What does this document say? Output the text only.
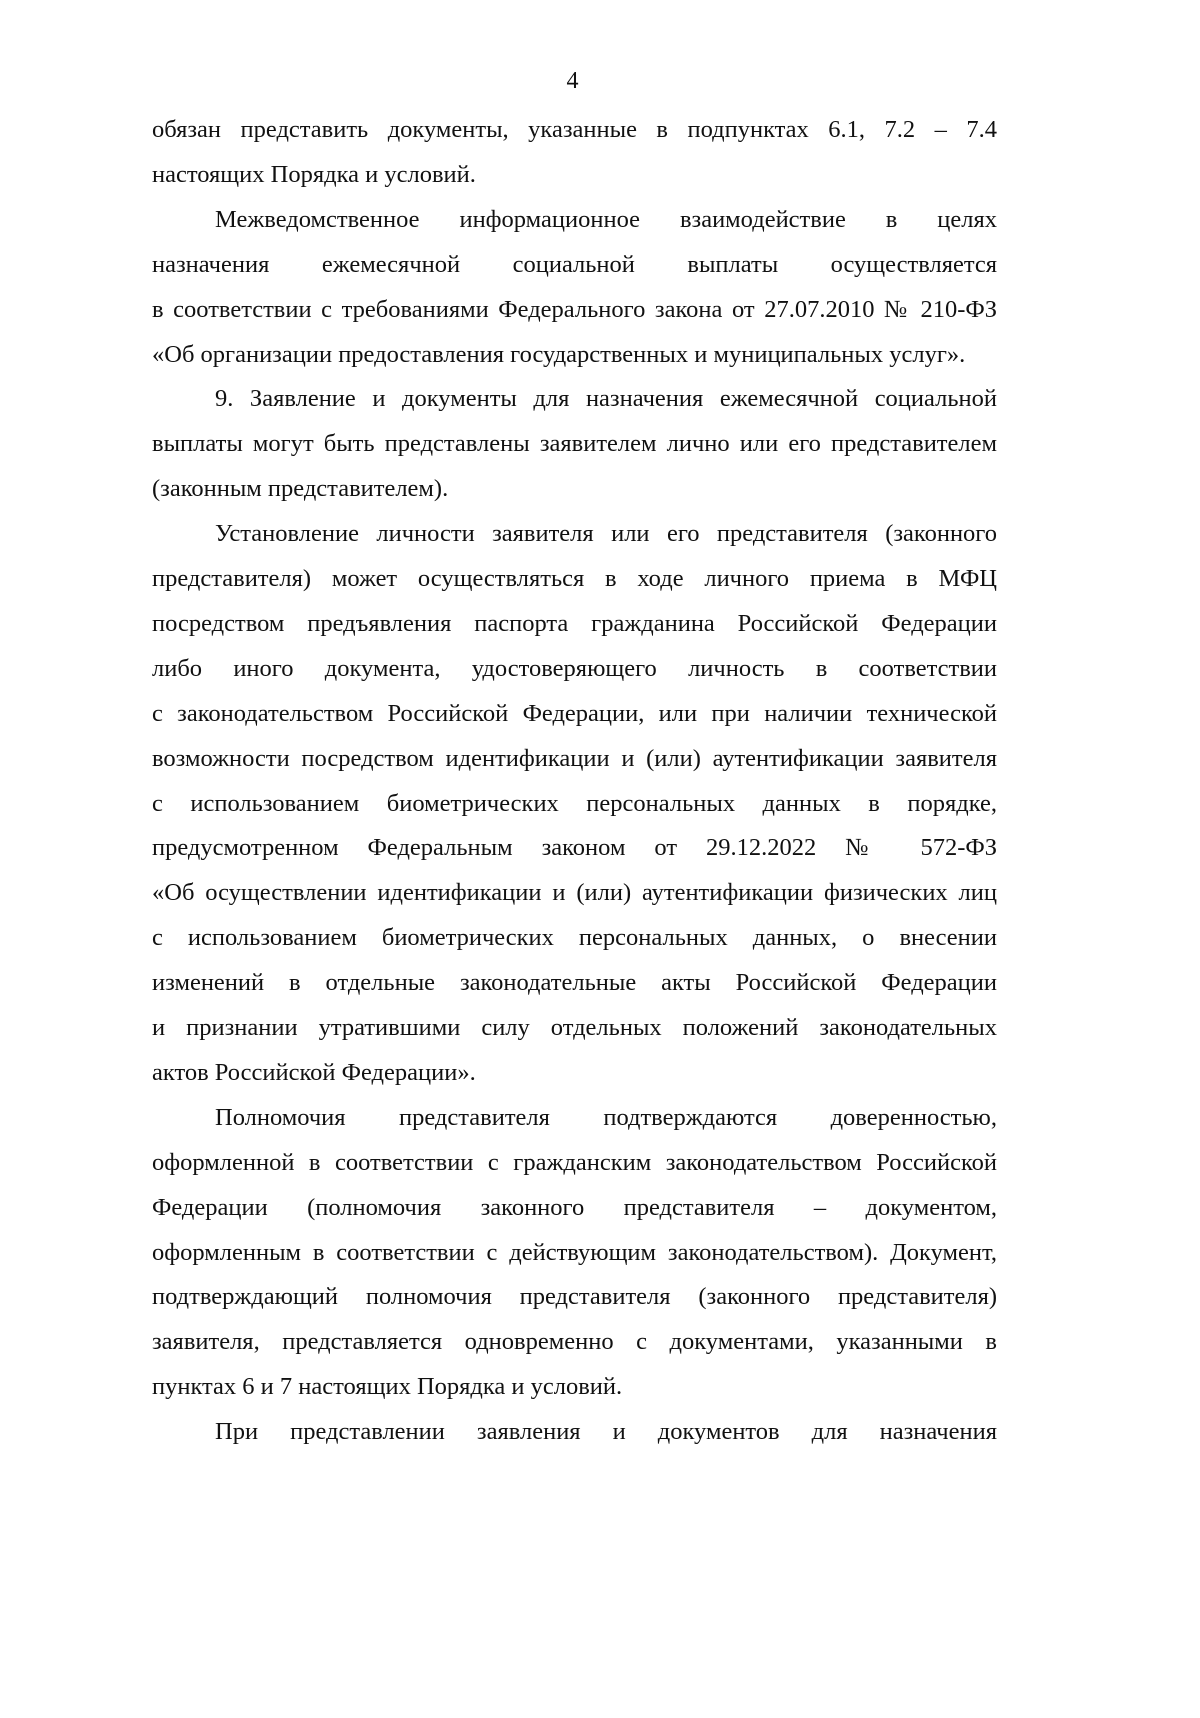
4
обязан представить документы, указанные в подпунктах 6.1, 7.2 – 7.4
настоящих Порядка и условий.
Межведомственное информационное взаимодействие в целях
назначения ежемесячной социальной выплаты осуществляется
в соответствии с требованиями Федерального закона от 27.07.2010 № 210-ФЗ
«Об организации предоставления государственных и муниципальных услуг».
9. Заявление и документы для назначения ежемесячной социальной
выплаты могут быть представлены заявителем лично или его представителем
(законным представителем).
Установление личности заявителя или его представителя (законного
представителя) может осуществляться в ходе личного приема в МФЦ
посредством предъявления паспорта гражданина Российской Федерации
либо иного документа, удостоверяющего личность в соответствии
с законодательством Российской Федерации, или при наличии технической
возможности посредством идентификации и (или) аутентификации заявителя
с использованием биометрических персональных данных в порядке,
предусмотренном Федеральным законом от 29.12.2022 № 572-ФЗ
«Об осуществлении идентификации и (или) аутентификации физических лиц
с использованием биометрических персональных данных, о внесении
изменений в отдельные законодательные акты Российской Федерации
и признании утратившими силу отдельных положений законодательных
актов Российской Федерации».
Полномочия представителя подтверждаются доверенностью,
оформленной в соответствии с гражданским законодательством Российской
Федерации (полномочия законного представителя – документом,
оформленным в соответствии с действующим законодательством). Документ,
подтверждающий полномочия представителя (законного представителя)
заявителя, представляется одновременно с документами, указанными в
пунктах 6 и 7 настоящих Порядка и условий.
При представлении заявления и документов для назначения
